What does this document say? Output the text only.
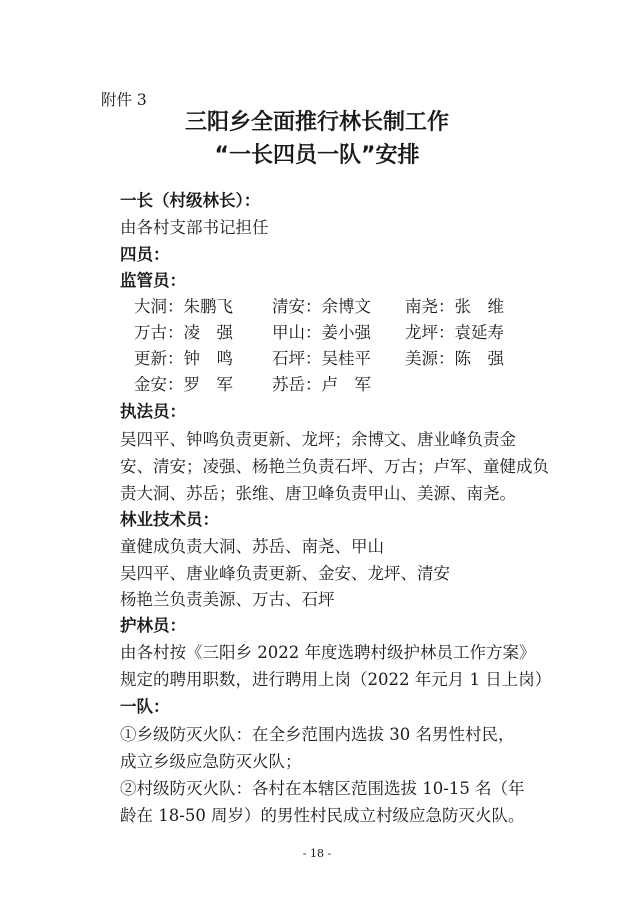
附件 3
三阳乡全面推行林长制工作
“一长四员一队”安排
一长（村级林长）：
由各村支部书记担任
四员：
监管员：
大洞：朱鹏飞 清安：余博文 南尧：张　维
万古：凌　强 甲山：姜小强 龙坪：袁延寿
更新：钟　鸣 石坪：吴桂平 美源：陈　强
金安：罗　军 苏岳：卢　军
执法员：
吴四平、钟鸣负责更新、龙坪；余博文、唐业峰负责金
安、清安；凌强、杨艳兰负责石坪、万古；卢军、童健成负
责大洞、苏岳；张维、唐卫峰负责甲山、美源、南尧。
林业技术员：
童健成负责大洞、苏岳、南尧、甲山
吴四平、唐业峰负责更新、金安、龙坪、清安
杨艳兰负责美源、万古、石坪
护林员：
由各村按《三阳乡 2022 年度选聘村级护林员工作方案》
规定的聘用职数，进行聘用上岗（2022 年元月 1 日上岗）
一队：
①乡级防灭火队：在全乡范围内选拔 30 名男性村民，
成立乡级应急防灭火队；
②村级防灭火队：各村在本辖区范围选拔 10-15 名（年
龄在 18-50 周岁）的男性村民成立村级应急防灭火队。
- 18 -
